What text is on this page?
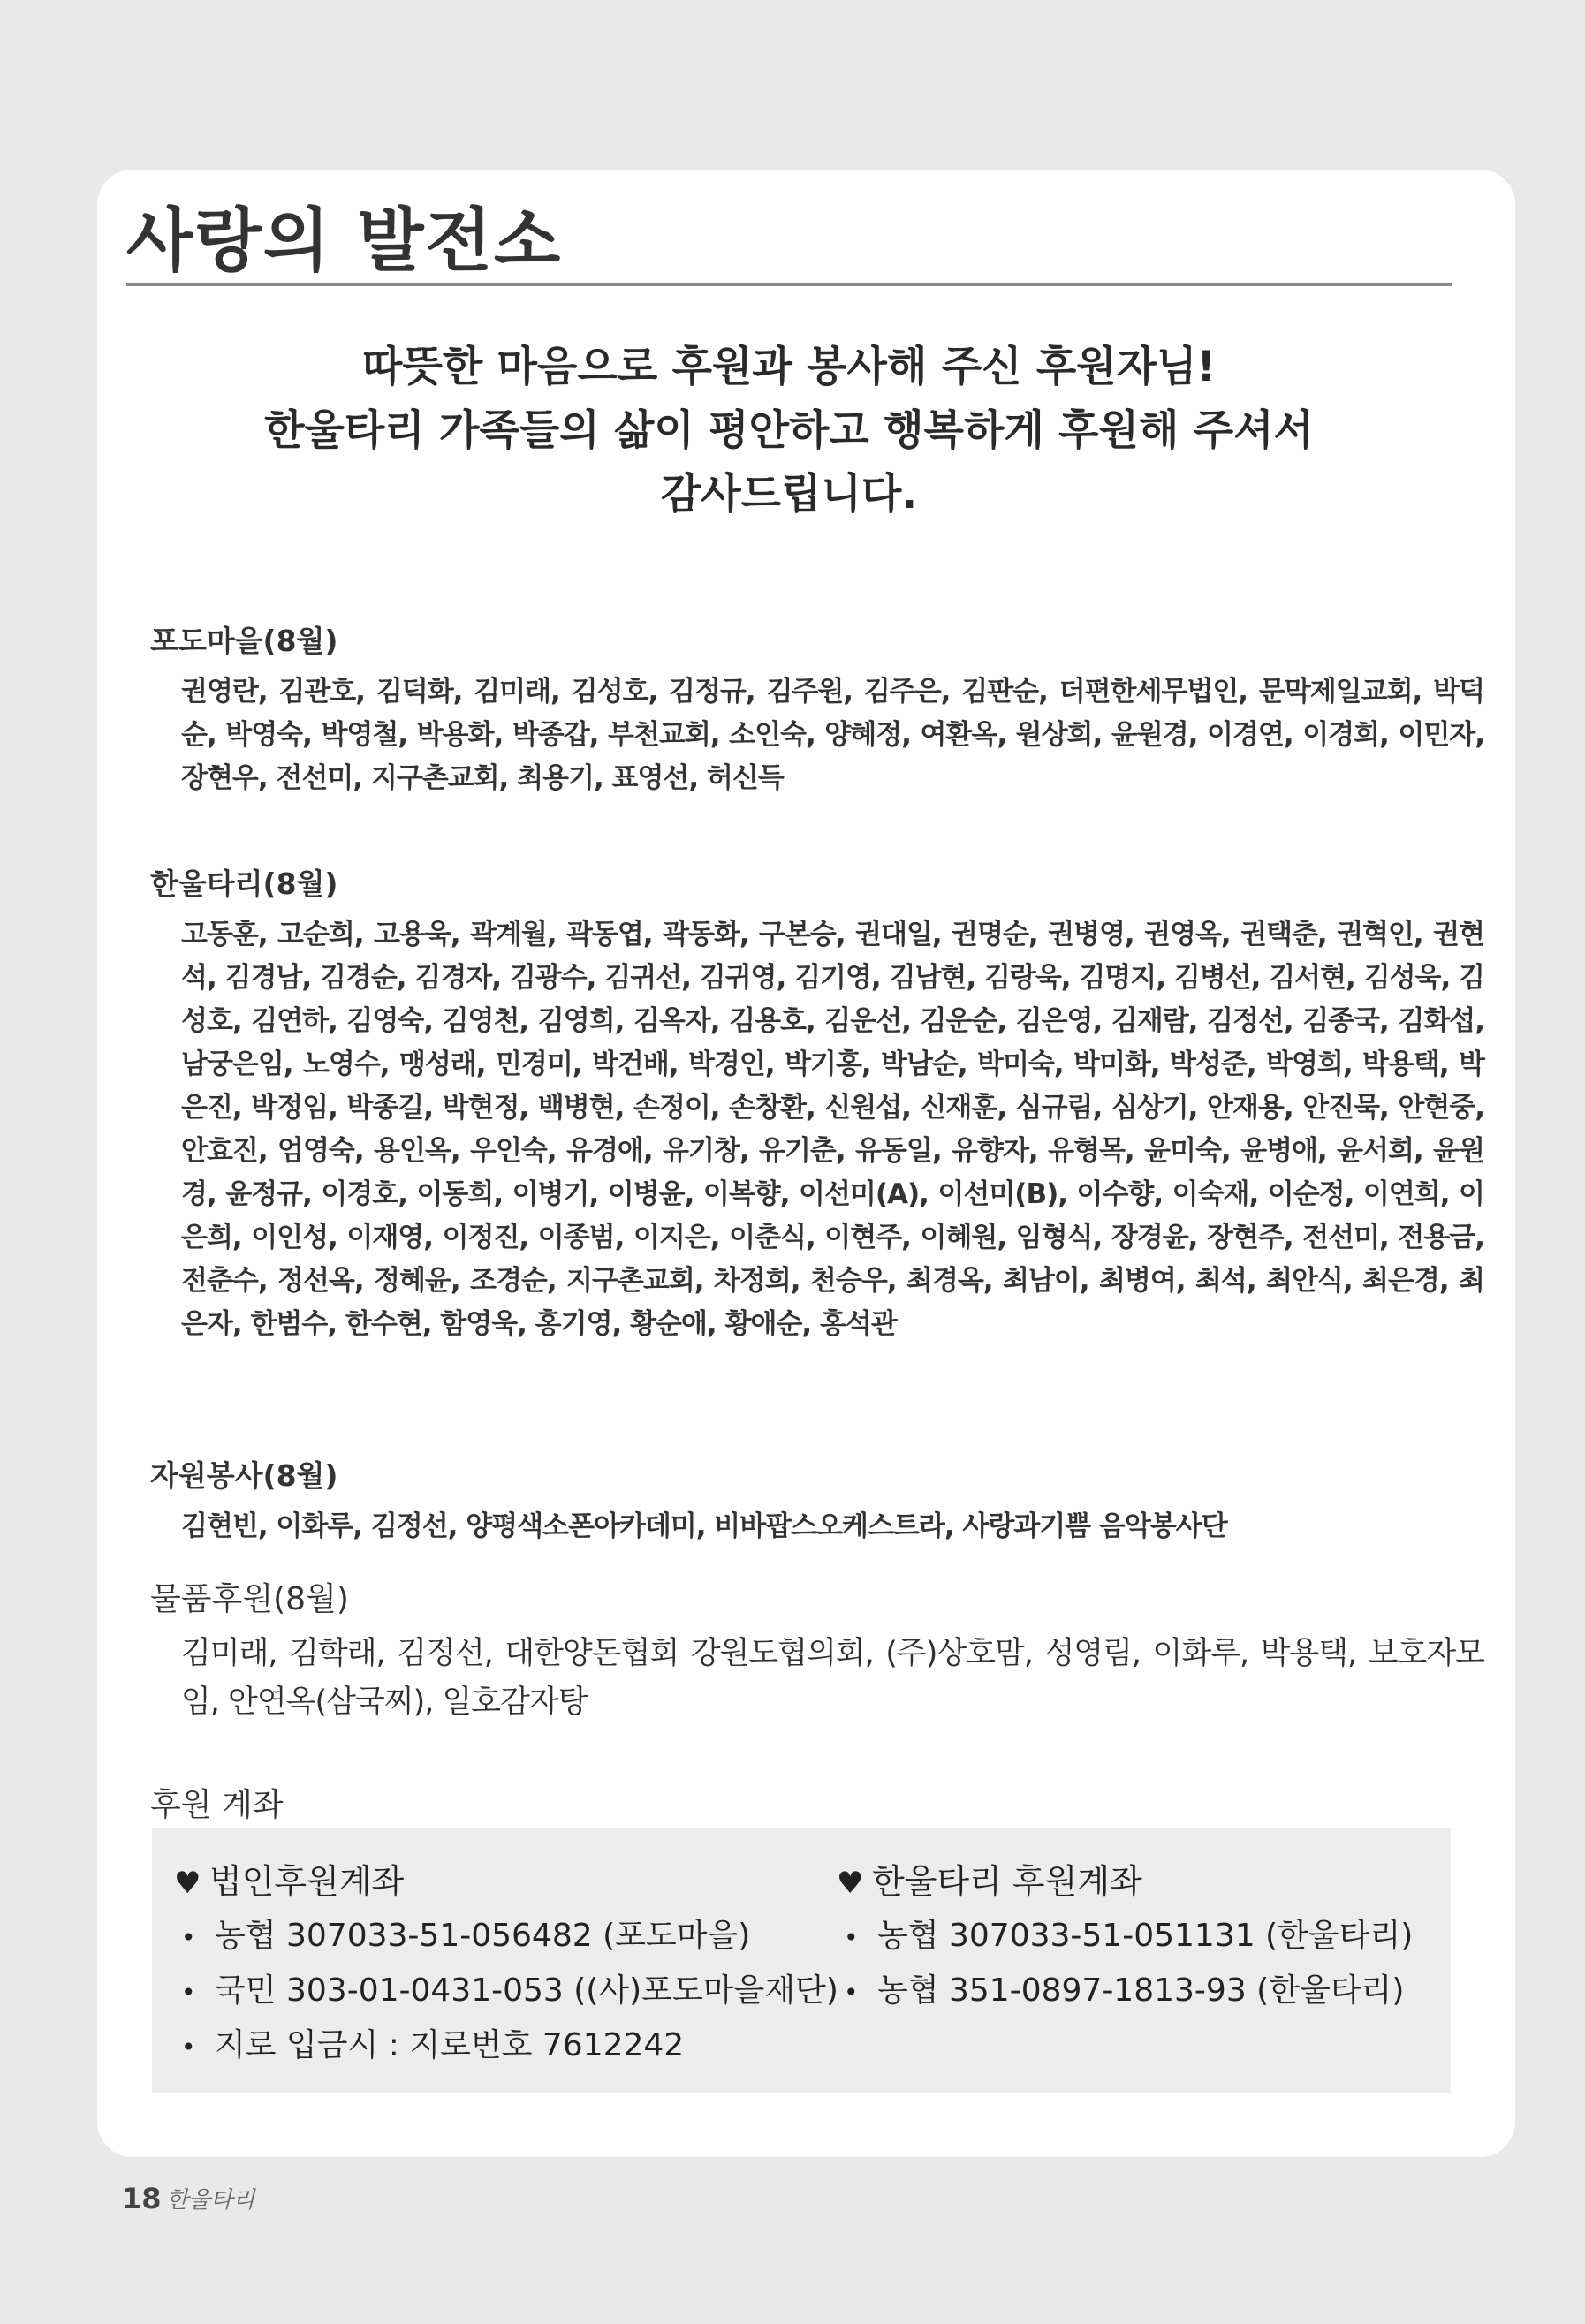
사랑의 발전소
따뜻한 마음으로 후원과 봉사해 주신 후원자님!
한울타리 가족들의 삶이 평안하고 행복하게 후원해 주셔서
감사드립니다.
포도마을(8월)
권영란, 김관호, 김덕화, 김미래, 김성호, 김정규, 김주원, 김주은, 김판순, 더편한세무법인, 문막제일교회, 박덕순, 박영숙, 박영철, 박용화, 박종갑, 부천교회, 소인숙, 양혜정, 여환옥, 원상희, 윤원경, 이경연, 이경희, 이민자, 장현우, 전선미, 지구촌교회, 최용기, 표영선, 허신득
한울타리(8월)
고동훈, 고순희, 고용욱, 곽계월, 곽동엽, 곽동화, 구본승, 권대일, 권명순, 권병영, 권영옥, 권택춘, 권혁인, 권현석, 김경남, 김경순, 김경자, 김광수, 김귀선, 김귀영, 김기영, 김남현, 김랑욱, 김명지, 김병선, 김서현, 김성욱, 김성호, 김연하, 김영숙, 김영천, 김영희, 김옥자, 김용호, 김운선, 김운순, 김은영, 김재람, 김정선, 김종국, 김화섭, 남궁은임, 노영수, 맹성래, 민경미, 박건배, 박경인, 박기홍, 박남순, 박미숙, 박미화, 박성준, 박영희, 박용택, 박은진, 박정임, 박종길, 박현정, 백병현, 손정이, 손창환, 신원섭, 신재훈, 심규림, 심상기, 안재용, 안진묵, 안현중, 안효진, 엄영숙, 용인옥, 우인숙, 유경애, 유기창, 유기춘, 유동일, 유향자, 유형목, 윤미숙, 윤병애, 윤서희, 윤원경, 윤정규, 이경호, 이동희, 이병기, 이병윤, 이복향, 이선미(A), 이선미(B), 이수향, 이숙재, 이순정, 이연희, 이은희, 이인성, 이재영, 이정진, 이종범, 이지은, 이춘식, 이현주, 이혜원, 임형식, 장경윤, 장현주, 전선미, 전용금, 전춘수, 정선옥, 정혜윤, 조경순, 지구촌교회, 차정희, 천승우, 최경옥, 최남이, 최병여, 최석, 최안식, 최은경, 최은자, 한범수, 한수현, 함영욱, 홍기영, 황순애, 황애순, 홍석관
자원봉사(8월)
김현빈, 이화루, 김정선, 양평색소폰아카데미, 비바팝스오케스트라, 사랑과기쁨 음악봉사단
물품후원(8월)
김미래, 김학래, 김정선, 대한양돈협회 강원도협의회, (주)상호맘, 성영림, 이화루, 박용택, 보호자모임, 안연옥(삼국찌), 일호감자탕
후원 계좌
♥ 법인후원계좌
• 농협 307033-51-056482 (포도마을)
• 국민 303-01-0431-053 ((사)포도마을재단)
• 지로 입금시 : 지로번호 7612242
♥ 한울타리 후원계좌
• 농협 307033-51-051131 (한울타리)
• 농협 351-0897-1813-93 (한울타리)
18 한울타리
